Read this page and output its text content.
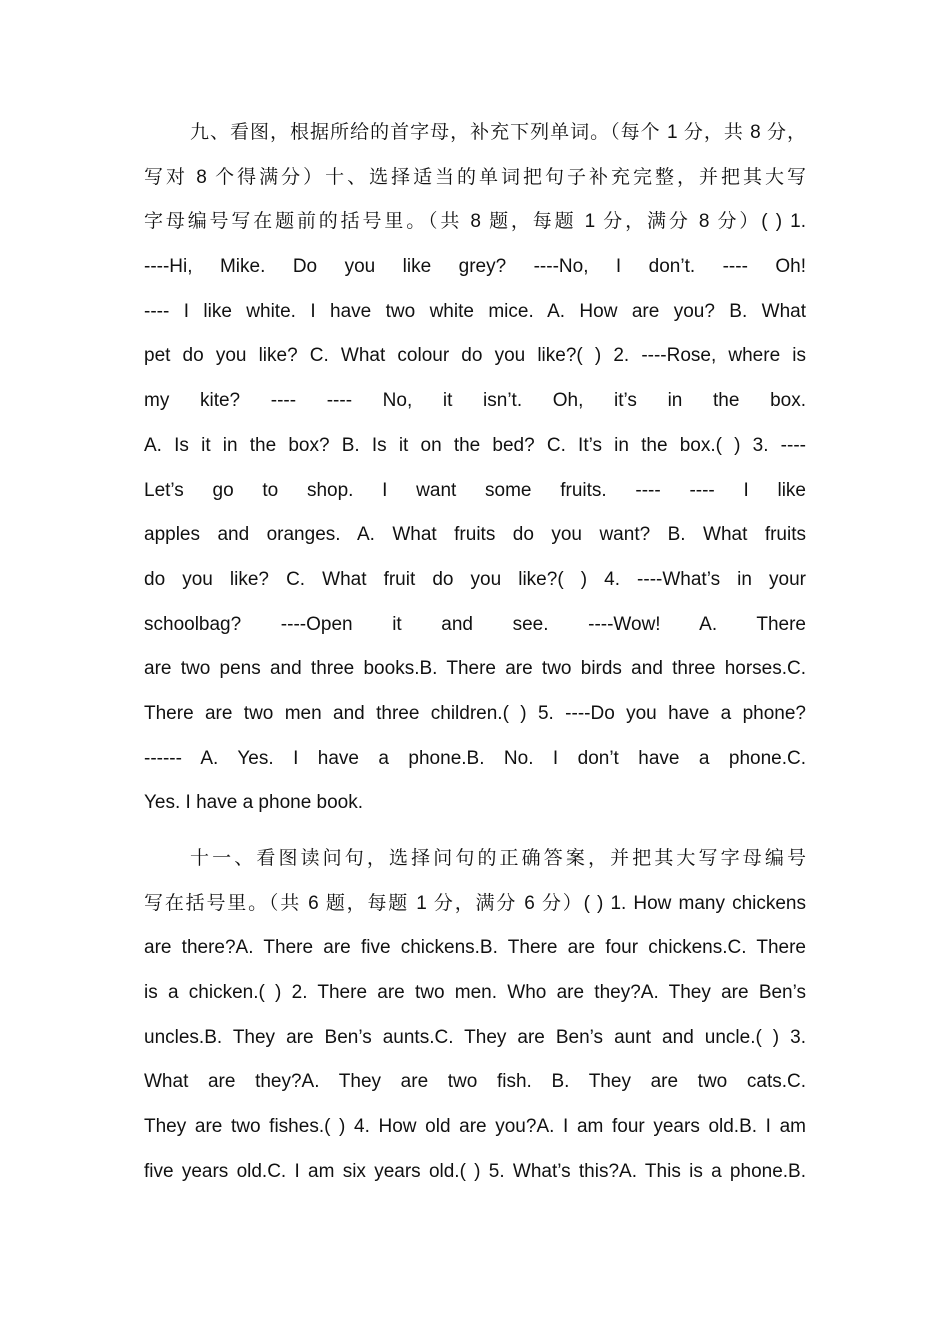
九、看图，根据所给的首字母，补充下列单词。（每个 1 分，共 8 分，
写对 8 个得满分）十、选择适当的单词把句子补充完整，并把其大写
字母编号写在题前的括号里。（共 8 题，每题 1 分，满分 8 分）( ) 1.
----Hi, Mike. Do you like grey? ----No, I don’t. ---- Oh!
---- I like white. I have two white mice. A. How are you? B. What
pet do you like? C. What colour do you like?( ) 2. ----Rose, where is
my kite? ---- ---- No, it isn’t. Oh, it’s in the box.
A. Is it in the box? B. Is it on the bed? C. It’s in the box.( ) 3. ----
Let’s go to shop. I want some fruits. ---- ---- I like
apples and oranges. A. What fruits do you want? B. What fruits
do you like? C. What fruit do you like?( ) 4. ----What’s in your
schoolbag? ----Open it and see. ----Wow! A. There
are two pens and three books.B. There are two birds and three horses.C.
There are two men and three children.( ) 5. ----Do you have a phone?
------ A. Yes. I have a phone.B. No. I don’t have a phone.C.
Yes. I have a phone book.
十一、看图读问句，选择问句的正确答案，并把其大写字母编号
写在括号里。（共 6 题，每题 1 分，满分 6 分）( ) 1. How many chickens
are there?A. There are five chickens.B. There are four chickens.C. There
is a chicken.( ) 2. There are two men. Who are they?A. They are Ben’s
uncles.B. They are Ben’s aunts.C. They are Ben’s aunt and uncle.( ) 3.
What are they?A. They are two fish. B. They are two cats.C.
They are two fishes.( ) 4. How old are you?A. I am four years old.B. I am
five years old.C. I am six years old.( ) 5. What’s this?A. This is a phone.B.
